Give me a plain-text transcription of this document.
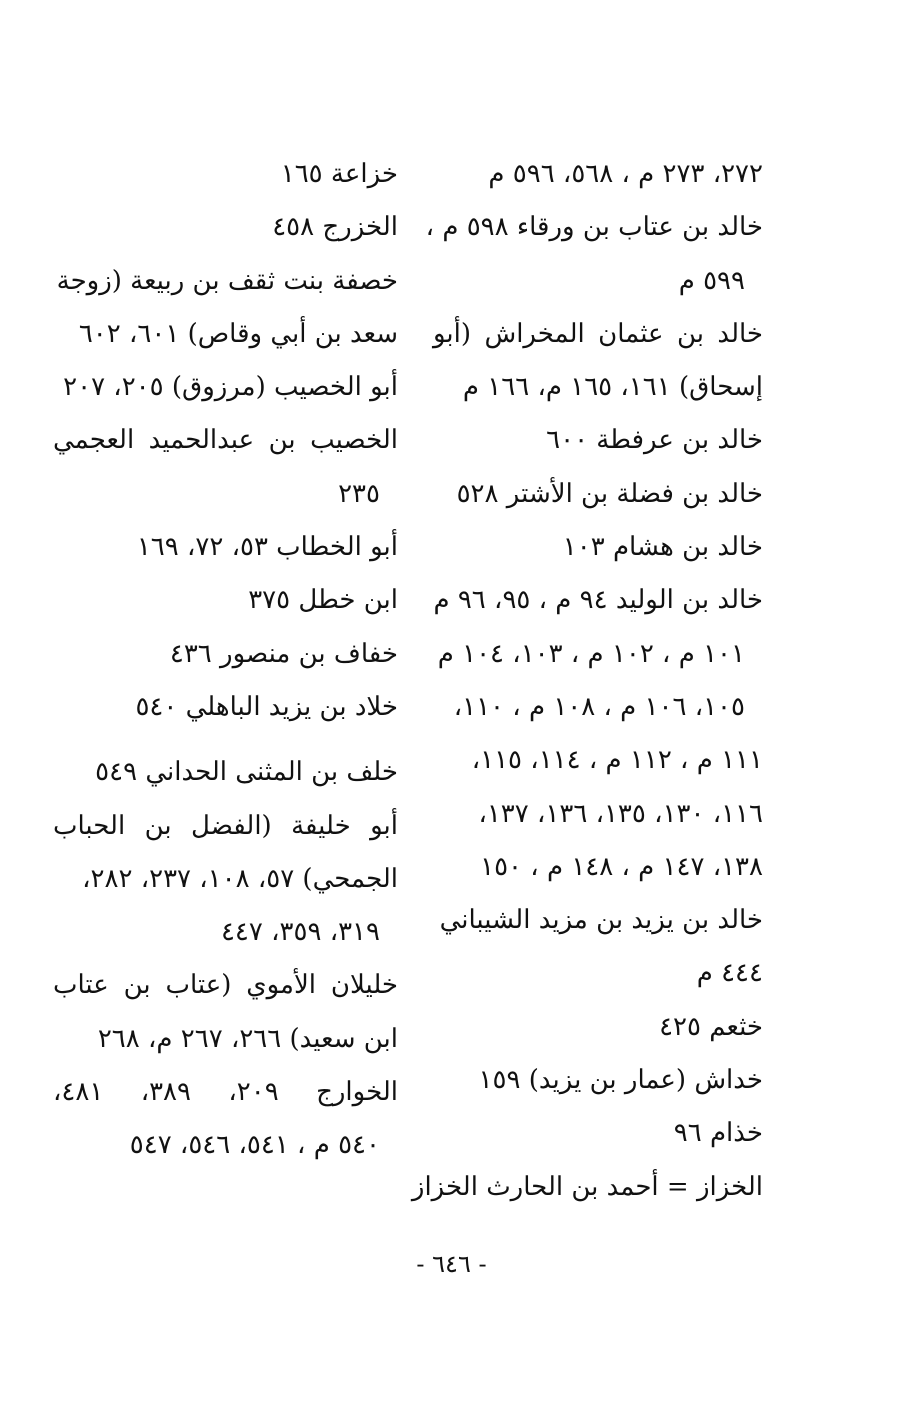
٢٧٢، ٢٧٣ م ، ٥٦٨، ٥٩٦ م
خالد بن عتاب بن ورقاء ٥٩٨ م ،
٥٩٩ م
خالد بن عثمان المخراش (أبو
إسحاق) ١٦١، ١٦٥ م، ١٦٦ م
خالد بن عرفطة ٦٠٠
خالد بن فضلة بن الأشتر ٥٢٨
خالد بن هشام ١٠٣
خالد بن الوليد ٩٤ م ، ٩٥، ٩٦ م
١٠١ م ، ١٠٢ م ، ١٠٣، ١٠٤ م
١٠٥، ١٠٦ م ، ١٠٨ م ، ١١٠،
١١١ م ، ١١٢ م ، ١١٤، ١١٥،
١١٦، ١٣٠، ١٣٥، ١٣٦، ١٣٧،
١٣٨، ١٤٧ م ، ١٤٨ م ، ١٥٠
خالد بن يزيد بن مزيد الشيباني
٤٤٤ م
خثعم ٤٢٥
خداش (عمار بن يزيد) ١٥٩
خذام ٩٦
الخزاز = أحمد بن الحارث الخزاز
خزاعة ١٦٥
الخزرج ٤٥٨
خصفة بنت ثقف بن ربيعة (زوجة
سعد بن أبي وقاص) ٦٠١، ٦٠٢
أبو الخصيب (مرزوق) ٢٠٥، ٢٠٧
الخصيب بن عبدالحميد العجمي
٢٣٥
أبو الخطاب ٥٣، ٧٢، ١٦٩
ابن خطل ٣٧٥
خفاف بن منصور ٤٣٦
خلاد بن يزيد الباهلي ٥٤٠
خلف بن المثنى الحداني ٥٤٩
أبو خليفة (الفضل بن الحباب
الجمحي) ٥٧، ١٠٨، ٢٣٧، ٢٨٢،
٣١٩، ٣٥٩، ٤٤٧
خليلان الأموي (عتاب بن عتاب
ابن سعيد) ٢٦٦، ٢٦٧ م، ٢٦٨
الخوارج ٢٠٩، ٣٨٩، ٤٨١،
٥٤٠ م ، ٥٤١، ٥٤٦، ٥٤٧
- ٦٤٦ -
